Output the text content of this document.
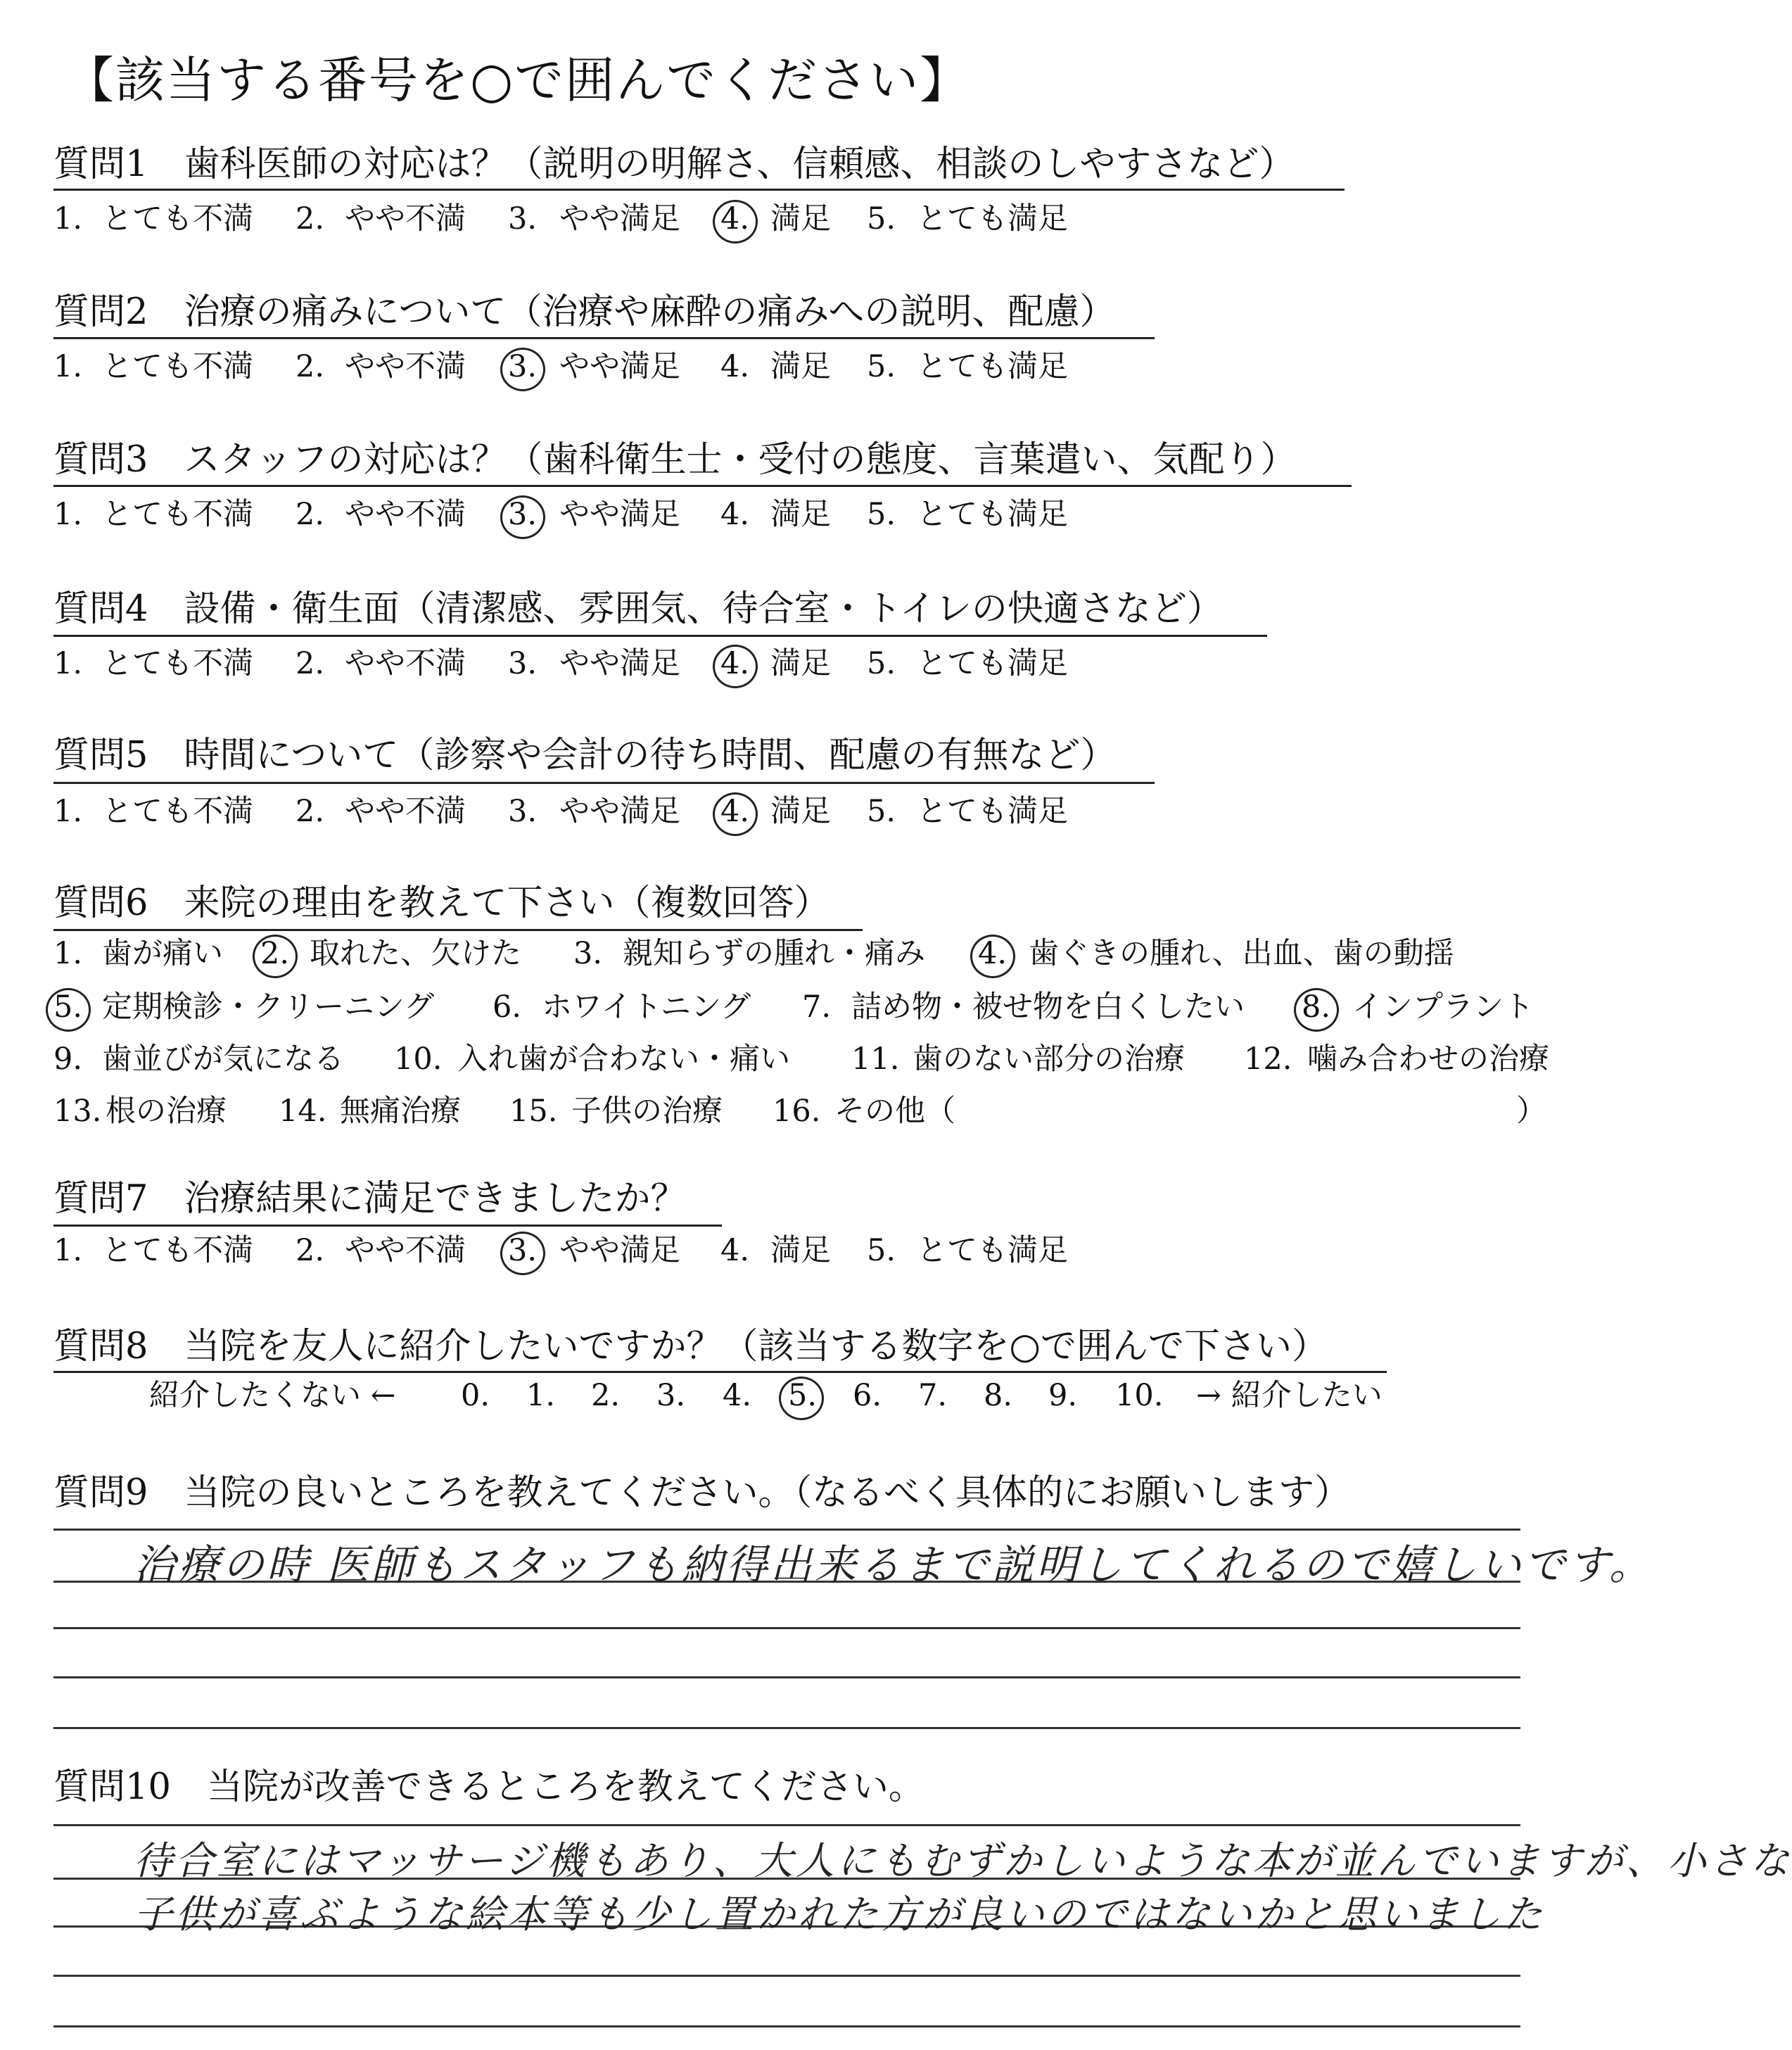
【該当する番号を○で囲んでください】
質問1　歯科医師の対応は？（説明の明解さ、信頼感、相談のしやすさなど）
質問2　治療の痛みについて（治療や麻酔の痛みへの説明、配慮）
質問3　スタッフの対応は？（歯科衛生士・受付の態度、言葉遣い、気配り）
質問4　設備・衛生面（清潔感、雰囲気、待合室・トイレの快適さなど）
質問5　時間について（診察や会計の待ち時間、配慮の有無など）
質問6　来院の理由を教えて下さい（複数回答）
質問7　治療結果に満足できましたか？
質問8　当院を友人に紹介したいですか？（該当する数字を○で囲んで下さい）
質問9　当院の良いところを教えてください。（なるべく具体的にお願いします）
質問10　当院が改善できるところを教えてください。
1. とても不満 2. やや不満 3. やや満足 4. 満足 5. とても満足
1. とても不満 2. やや不満 3. やや満足 4. 満足 5. とても満足
1. とても不満 2. やや不満 3. やや満足 4. 満足 5. とても満足
1. とても不満 2. やや不満 3. やや満足 4. 満足 5. とても満足
1. とても不満 2. やや不満 3. やや満足 4. 満足 5. とても満足
1. とても不満 2. やや不満 3. やや満足 4. 満足 5. とても満足
1. 歯が痛い 2. 取れた、欠けた 3. 親知らずの腫れ・痛み 4. 歯ぐきの腫れ、出血、歯の動揺
5. 定期検診・クリーニング 6. ホワイトニング 7. 詰め物・被せ物を白くしたい 8. インプラント
9. 歯並びが気になる 10. 入れ歯が合わない・痛い 11. 歯のない部分の治療 12. 噛み合わせの治療
13. 根の治療 14. 無痛治療 15. 子供の治療 16. その他（	）
紹介したくない ← 0. 1. 2. 3. 4. 5. 6. 7. 8. 9. 10. → 紹介したい
治療の時 医師もスタッフも納得出来るまで説明してくれるので嬉しいです。
待合室にはマッサージ機もあり、大人にもむずかしいような本が並んでいますが、小さな
子供が喜ぶような絵本等も少し置かれた方が良いのではないかと思いました
